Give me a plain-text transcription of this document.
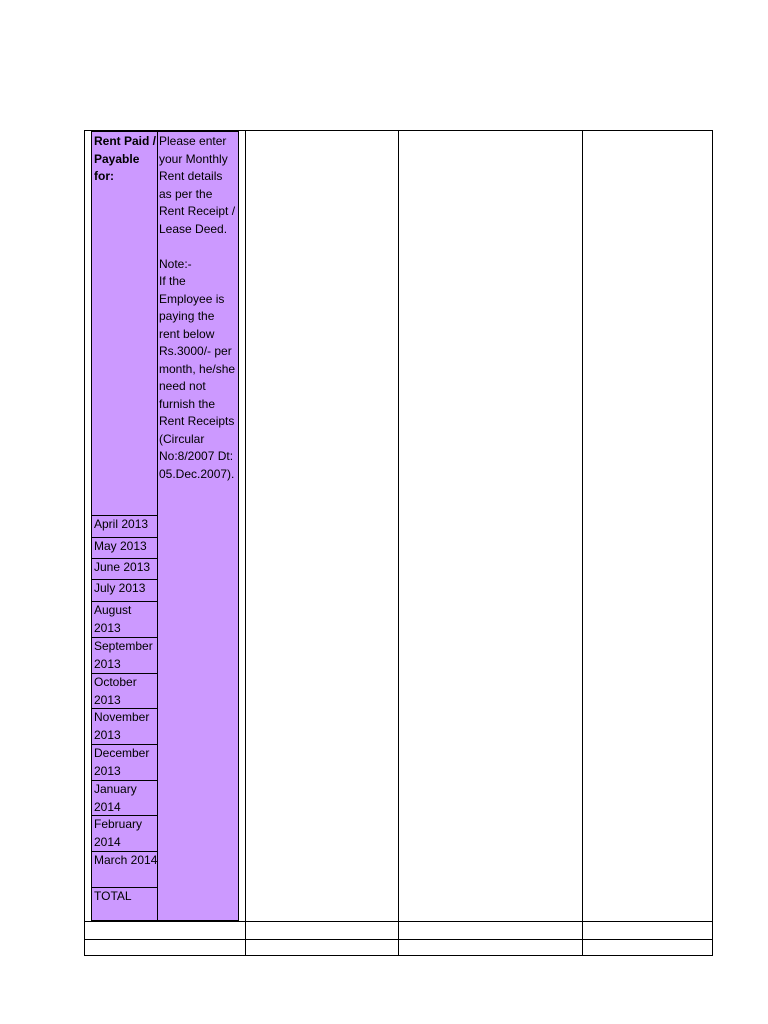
Rent Paid / Payable for:
April 2013
May 2013
June 2013
July 2013
August 2013
September 2013
October 2013
November 2013
December 2013
January 2014
February 2014
March 2014
TOTAL
Please enter your Monthly Rent details as per the Rent Receipt / Lease Deed.

Note:-
If the Employee is paying the rent below Rs.3000/- per month, he/she need not furnish the Rent Receipts (Circular No:8/2007 Dt: 05.Dec.2007).
